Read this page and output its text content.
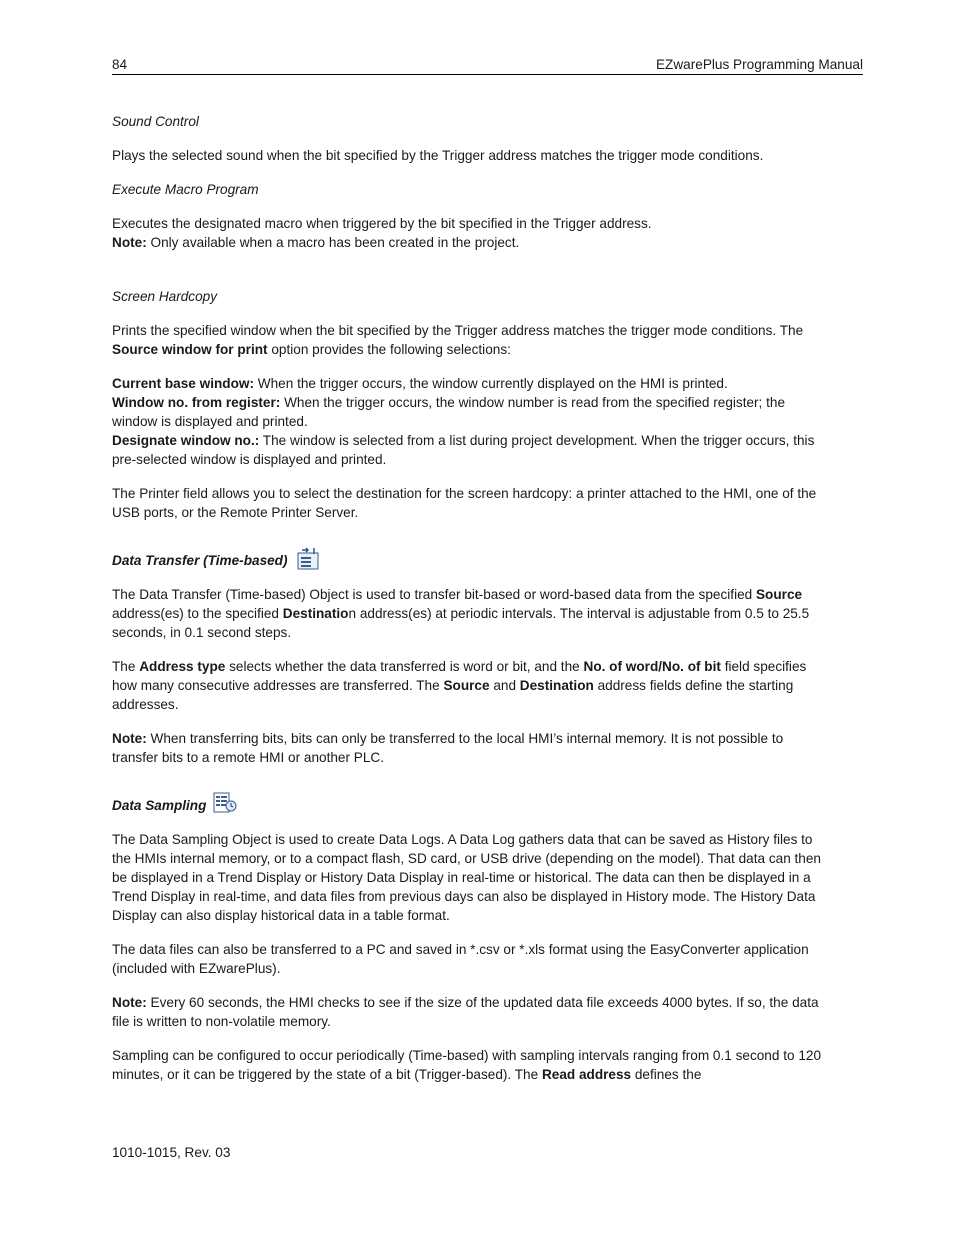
84	EZwarePlus Programming Manual

Sound Control

Plays the selected sound when the bit specified by the Trigger address matches the trigger mode conditions.

Execute Macro Program

Executes the designated macro when triggered by the bit specified in the Trigger address.
Note: Only available when a macro has been created in the project.

Screen Hardcopy

Prints the specified window when the bit specified by the Trigger address matches the trigger mode conditions. The Source window for print option provides the following selections:

Current base window: When the trigger occurs, the window currently displayed on the HMI is printed.
Window no. from register: When the trigger occurs, the window number is read from the specified register; the window is displayed and printed.
Designate window no.: The window is selected from a list during project development. When the trigger occurs, this pre-selected window is displayed and printed.

The Printer field allows you to select the destination for the screen hardcopy: a printer attached to the HMI, one of the USB ports, or the Remote Printer Server.

Data Transfer (Time-based)

The Data Transfer (Time-based) Object is used to transfer bit-based or word-based data from the specified Source address(es) to the specified Destination address(es) at periodic intervals. The interval is adjustable from 0.5 to 25.5 seconds, in 0.1 second steps.

The Address type selects whether the data transferred is word or bit, and the No. of word/No. of bit field specifies how many consecutive addresses are transferred. The Source and Destination address fields define the starting addresses.

Note: When transferring bits, bits can only be transferred to the local HMI’s internal memory. It is not possible to transfer bits to a remote HMI or another PLC.

Data Sampling

The Data Sampling Object is used to create Data Logs. A Data Log gathers data that can be saved as History files to the HMIs internal memory, or to a compact flash, SD card, or USB drive (depending on the model). That data can then be displayed in a Trend Display or History Data Display in real-time or historical. The data can then be displayed in a Trend Display in real-time, and data files from previous days can also be displayed in History mode. The History Data Display can also display historical data in a table format.

The data files can also be transferred to a PC and saved in *.csv or *.xls format using the EasyConverter application (included with EZwarePlus).

Note: Every 60 seconds, the HMI checks to see if the size of the updated data file exceeds 4000 bytes. If so, the data file is written to non-volatile memory.

Sampling can be configured to occur periodically (Time-based) with sampling intervals ranging from 0.1 second to 120 minutes, or it can be triggered by the state of a bit (Trigger-based). The Read address defines the

1010-1015, Rev. 03
